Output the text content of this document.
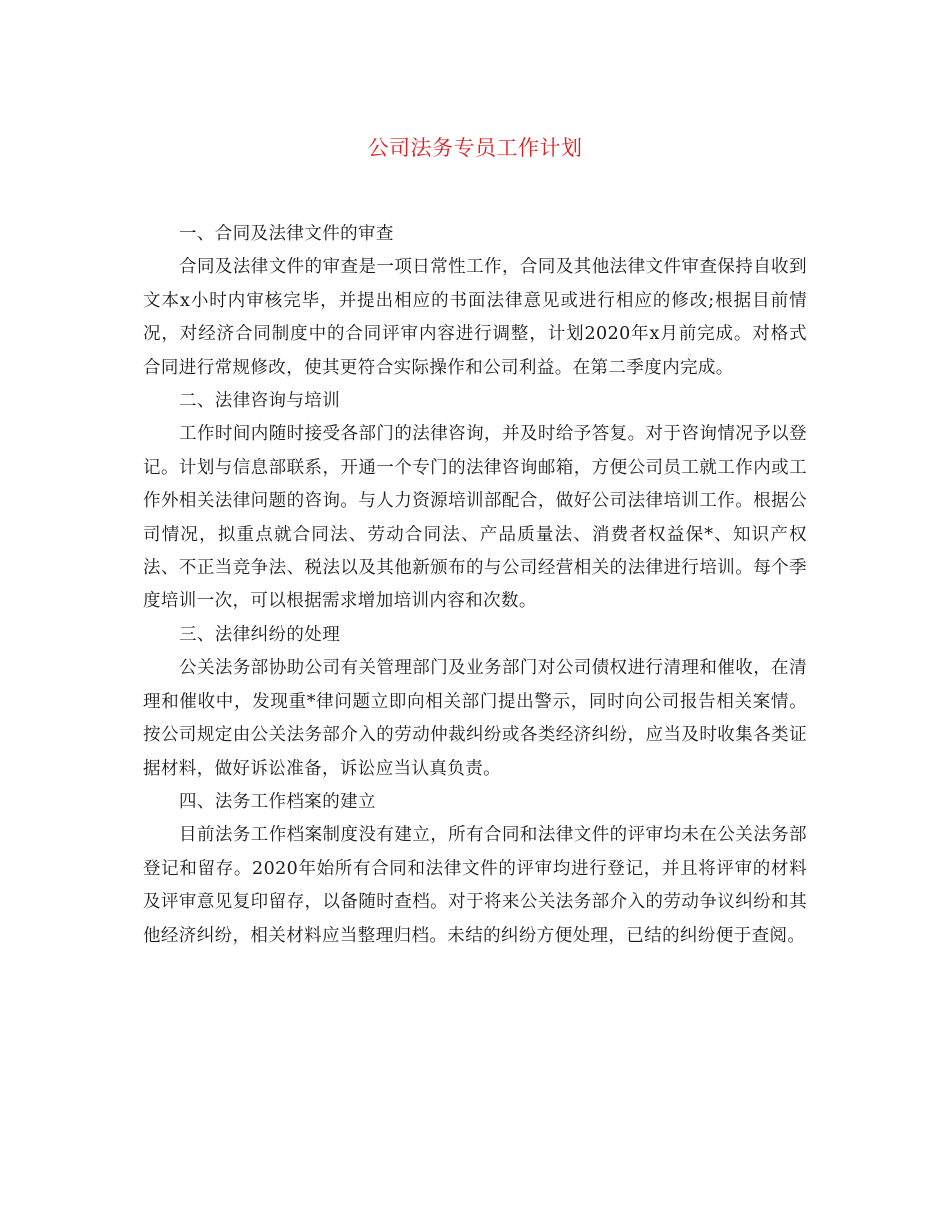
公司法务专员工作计划

一、合同及法律文件的审查

合同及法律文件的审查是一项日常性工作，合同及其他法律文件审查保持自收到文本x小时内审核完毕，并提出相应的书面法律意见或进行相应的修改;根据目前情况，对经济合同制度中的合同评审内容进行调整，计划2020年x月前完成。对格式合同进行常规修改，使其更符合实际操作和公司利益。在第二季度内完成。

二、法律咨询与培训

工作时间内随时接受各部门的法律咨询，并及时给予答复。对于咨询情况予以登记。计划与信息部联系，开通一个专门的法律咨询邮箱，方便公司员工就工作内或工作外相关法律问题的咨询。与人力资源培训部配合，做好公司法律培训工作。根据公司情况，拟重点就合同法、劳动合同法、产品质量法、消费者权益保*、知识产权法、不正当竞争法、税法以及其他新颁布的与公司经营相关的法律进行培训。每个季度培训一次，可以根据需求增加培训内容和次数。

三、法律纠纷的处理

公关法务部协助公司有关管理部门及业务部门对公司债权进行清理和催收，在清理和催收中，发现重*律问题立即向相关部门提出警示，同时向公司报告相关案情。按公司规定由公关法务部介入的劳动仲裁纠纷或各类经济纠纷，应当及时收集各类证据材料，做好诉讼准备，诉讼应当认真负责。

四、法务工作档案的建立

目前法务工作档案制度没有建立，所有合同和法律文件的评审均未在公关法务部登记和留存。2020年始所有合同和法律文件的评审均进行登记，并且将评审的材料及评审意见复印留存，以备随时查档。对于将来公关法务部介入的劳动争议纠纷和其他经济纠纷，相关材料应当整理归档。未结的纠纷方便处理，已结的纠纷便于查阅。
